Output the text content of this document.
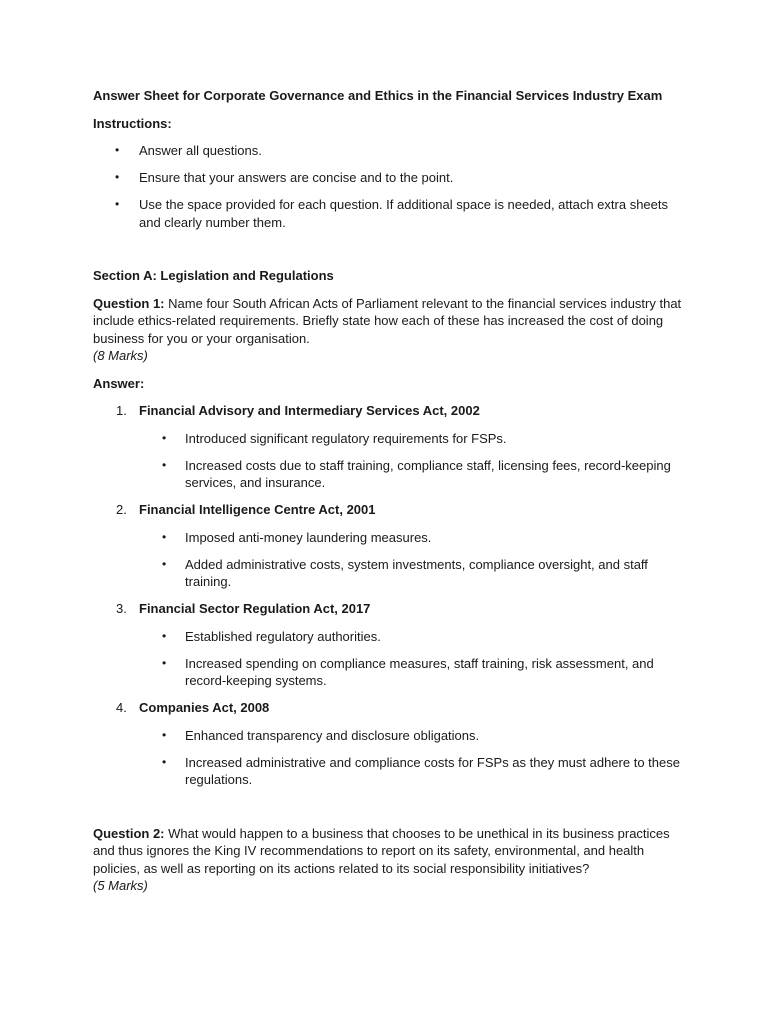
Answer Sheet for Corporate Governance and Ethics in the Financial Services Industry Exam

Instructions:

• Answer all questions.
• Ensure that your answers are concise and to the point.
• Use the space provided for each question. If additional space is needed, attach extra sheets and clearly number them.

Section A: Legislation and Regulations

Question 1: Name four South African Acts of Parliament relevant to the financial services industry that include ethics-related requirements. Briefly state how each of these has increased the cost of doing business for you or your organisation.
(8 Marks)

Answer:

1. Financial Advisory and Intermediary Services Act, 2002
• Introduced significant regulatory requirements for FSPs.
• Increased costs due to staff training, compliance staff, licensing fees, record-keeping services, and insurance.
2. Financial Intelligence Centre Act, 2001
• Imposed anti-money laundering measures.
• Added administrative costs, system investments, compliance oversight, and staff training.
3. Financial Sector Regulation Act, 2017
• Established regulatory authorities.
• Increased spending on compliance measures, staff training, risk assessment, and record-keeping systems.
4. Companies Act, 2008
• Enhanced transparency and disclosure obligations.
• Increased administrative and compliance costs for FSPs as they must adhere to these regulations.

Question 2: What would happen to a business that chooses to be unethical in its business practices and thus ignores the King IV recommendations to report on its safety, environmental, and health policies, as well as reporting on its actions related to its social responsibility initiatives?
(5 Marks)
